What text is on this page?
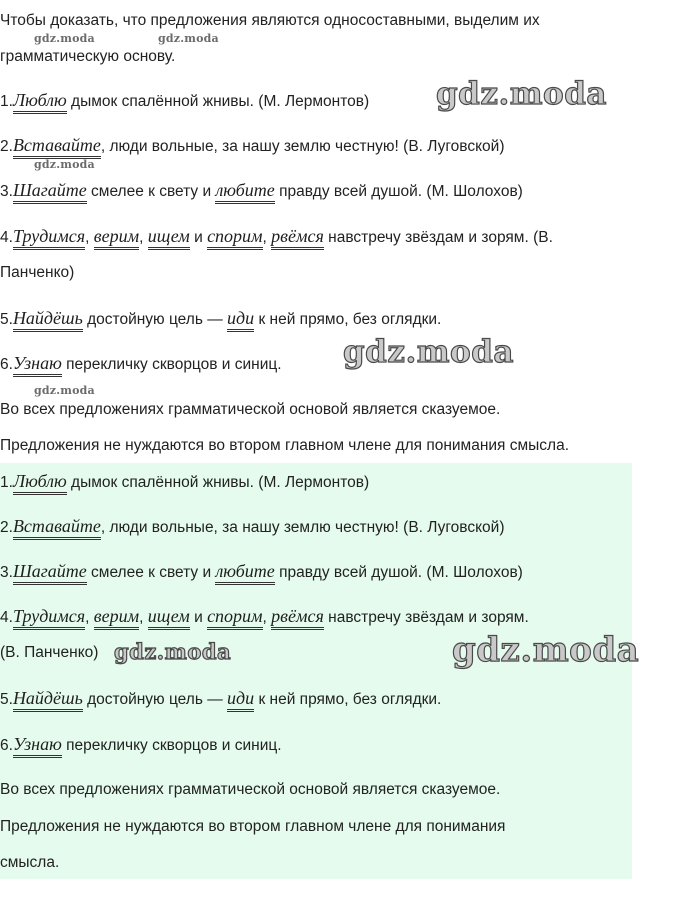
Чтобы доказать, что предложения являются односоставными, выделим их
грамматическую основу.
1.Люблю дымок спалённой жнивы. (М. Лермонтов)
2.Вставайте, люди вольные, за нашу землю честную! (В. Луговской)
3.Шагайте смелее к свету и любите правду всей душой. (М. Шолохов)
4.Трудимся, верим, ищем и спорим, рвёмся навстречу звёздам и зорям. (В.
Панченко)
5.Найдёшь достойную цель — иди к ней прямо, без оглядки.
6.Узнаю перекличку скворцов и синиц.
Во всех предложениях грамматической основой является сказуемое.
Предложения не нуждаются во втором главном члене для понимания смысла.
1.Люблю дымок спалённой жнивы. (М. Лермонтов)
2.Вставайте, люди вольные, за нашу землю честную! (В. Луговской)
3.Шагайте смелее к свету и любите правду всей душой. (М. Шолохов)
4.Трудимся, верим, ищем и спорим, рвёмся навстречу звёздам и зорям.
(В. Панченко)
5.Найдёшь достойную цель — иди к ней прямо, без оглядки.
6.Узнаю перекличку скворцов и синиц.
Во всех предложениях грамматической основой является сказуемое.
Предложения не нуждаются во втором главном члене для понимания
смысла.
gdz.moda	gdz.moda
gdz.moda
gdz.moda
gdz.moda
gdz.moda
gdz.moda	gdz.moda
